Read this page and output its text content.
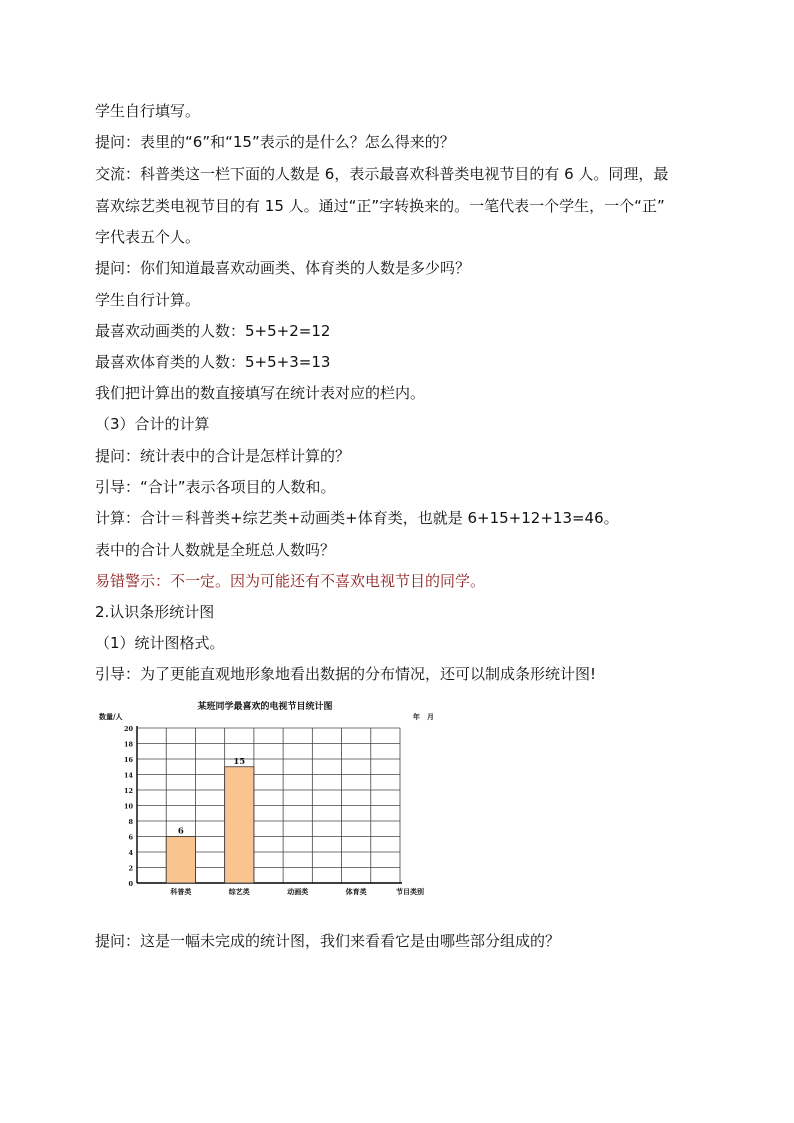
学生自行填写。
提问：表里的“6”和“15”表示的是什么？怎么得来的？
交流：科普类这一栏下面的人数是 6，表示最喜欢科普类电视节目的有 6 人。同理，最
喜欢综艺类电视节目的有 15 人。通过“正”字转换来的。一笔代表一个学生，一个“正”
字代表五个人。
提问：你们知道最喜欢动画类、体育类的人数是多少吗？
学生自行计算。
最喜欢动画类的人数：5+5+2=12
最喜欢体育类的人数：5+5+3=13
我们把计算出的数直接填写在统计表对应的栏内。
（3）合计的计算
提问：统计表中的合计是怎样计算的？
引导：“合计”表示各项目的人数和。
计算：合计＝科普类+综艺类+动画类+体育类，也就是 6+15+12+13=46。
表中的合计人数就是全班总人数吗？
易错警示：不一定。因为可能还有不喜欢电视节目的同学。
2.认识条形统计图
（1）统计图格式。
引导：为了更能直观地形象地看出数据的分布情况，还可以制成条形统计图!
0
2
4
6
8
10
12
14
16
18
20
6
科普类
15
综艺类	动画类	体育类
某班同学最喜欢的电视节目统计图
数量/人
节目类别
年　月
提问：这是一幅未完成的统计图，我们来看看它是由哪些部分组成的？
